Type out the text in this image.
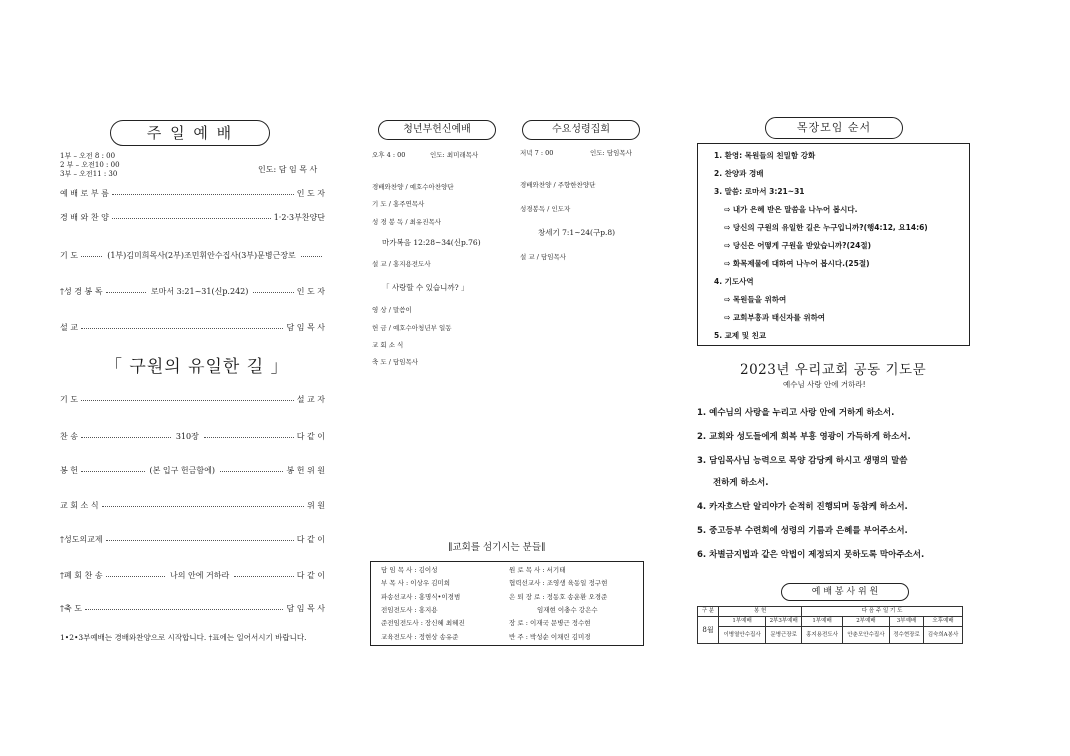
주 일 예 배
1부 – 오전 8 : 00
2 부 – 오전10 : 00
3부 – 오전11 : 30	인도: 담 임 목 사
예 배 로 부 름	인 도 자
경 배 와 찬 양	1·2·3부찬양단
기 도	(1부)김미희목사(2부)조민휘안수집사(3부)문병근장로
†성 경 봉 독	로마서 3:21~31(신p.242)	인 도 자
설 교	담 임 목 사
「 구원의 유일한 길 」
기 도	설 교 자
찬 송	310장	다 같 이
봉 헌	(본 입구 헌금함에)	봉 헌 위 원
교 회 소 식	위 원
†성도의교제	다 같 이
†폐 회 찬 송	나의 안에 거하라	다 같 이
†축 도	담 임 목 사
1•2•3부예배는 경배와찬양으로 시작합니다. †표에는 일어서시기 바랍니다.
청년부헌신예배
오후 4 : 00	인도: 최미래목사
경배와찬양 / 예호수아찬양단
기 도 / 홍주연목사
성 경 봉 독 / 최유진목사
마가복음 12:28~34(신p.76)
설 교 / 홍지용전도사
「 사랑할 수 있습니까? 」
영 상 / 말씀이
헌 금 / 예호수아청년부 일동
교 회 소 식
축 도 / 담임목사
수요성령집회
저녁 7 : 00	인도: 담임목사
경배와찬양 / 주향한찬양단
성경봉독 / 인도자
창세기 7:1~24(구p.8)
설 교 / 담임목사
∥교회를 섬기시는 분들∥
담 임 목 사 : 김이성
부 목 사 : 이상우 김미희
파송선교사 : 홍명식•이경범
전임전도사 : 홍지용
준전임전도사 : 장신혜 최혜진
교육전도사 : 정현상 송유준
원 로 목 사 : 서기태
협력선교사 : 조영생 육동일 정구현
은 퇴 장 로 : 정동호 송운환 오경준
임재현 이충수 강은수
장 로 : 이재국 문병근 정수현
반 주 : 박성순 이채린 김미경
목장모임 순서
1. 환영: 목원들의 친밀함 강화
2. 찬양과 경배
3. 말씀: 로마서 3:21~31
⇨ 내가 은혜 받은 말씀을 나누어 봅시다.
⇨ 당신의 구원의 유일한 길은 누구입니까?(행4:12, 요14:6)
⇨ 당신은 어떻게 구원을 받았습니까?(24절)
⇨ 화목제물에 대하여 나누어 봅시다.(25절)
4. 기도사역
⇨ 목원들을 위하여
⇨ 교회부흥과 태신자를 위하여
5. 교제 및 친교
2023년 우리교회 공동 기도문
예수님 사랑 안에 거하라!
1. 예수님의 사랑을 누리고 사랑 안에 거하게 하소서.
2. 교회와 성도들에게 회복 부흥 영광이 가득하게 하소서.
3. 담임목사님 능력으로 목양 감당케 하시고 생명의 말씀
전하게 하소서.
4. 카자흐스탄 알리야가 순적히 진행되며 동참케 하소서.
5. 중고등부 수련회에 성령의 기름과 은혜를 부어주소서.
6. 차별금지법과 같은 악법이 제정되지 못하도록 막아주소서.
예 배 봉 사 위 원
구 분	봉 헌		다 음 주 일 기 도			
8월	1부예배	2부3부예배	1부예배	2부예배	3부예배	오후예배
	이병열안수집사	문병근장로	홍지용전도사	안춘모안수집사	정수현장로	김숙희A봉사
